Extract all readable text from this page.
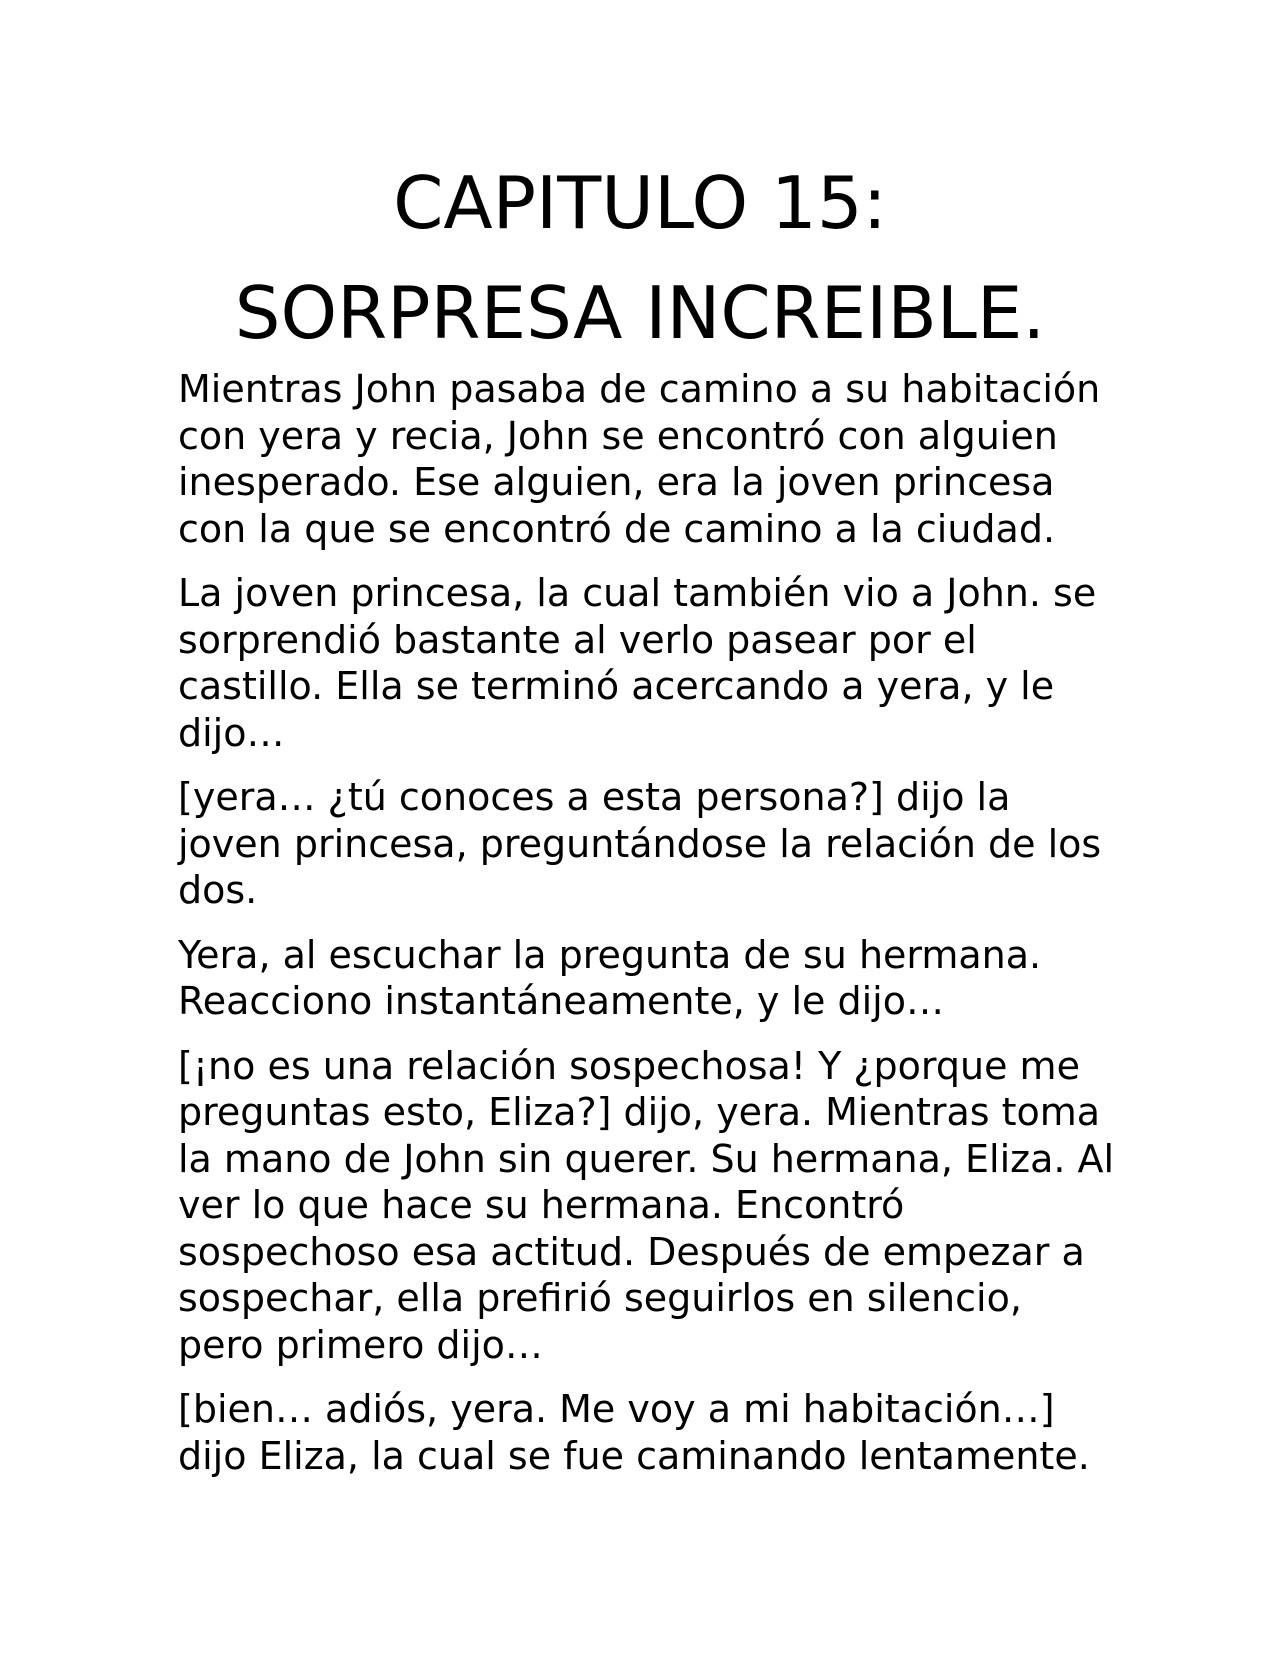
CAPITULO 15:
SORPRESA INCREIBLE.

Mientras John pasaba de camino a su habitación con yera y recia, John se encontró con alguien inesperado. Ese alguien, era la joven princesa con la que se encontró de camino a la ciudad.

La joven princesa, la cual también vio a John. se sorprendió bastante al verlo pasear por el castillo. Ella se terminó acercando a yera, y le dijo…

[yera… ¿tú conoces a esta persona?] dijo la joven princesa, preguntándose la relación de los dos.

Yera, al escuchar la pregunta de su hermana. Reacciono instantáneamente, y le dijo…

[¡no es una relación sospechosa! Y ¿porque me preguntas esto, Eliza?] dijo, yera. Mientras toma la mano de John sin querer. Su hermana, Eliza. Al ver lo que hace su hermana. Encontró sospechoso esa actitud. Después de empezar a sospechar, ella prefirió seguirlos en silencio, pero primero dijo…

[bien… adiós, yera. Me voy a mi habitación…] dijo Eliza, la cual se fue caminando lentamente.
